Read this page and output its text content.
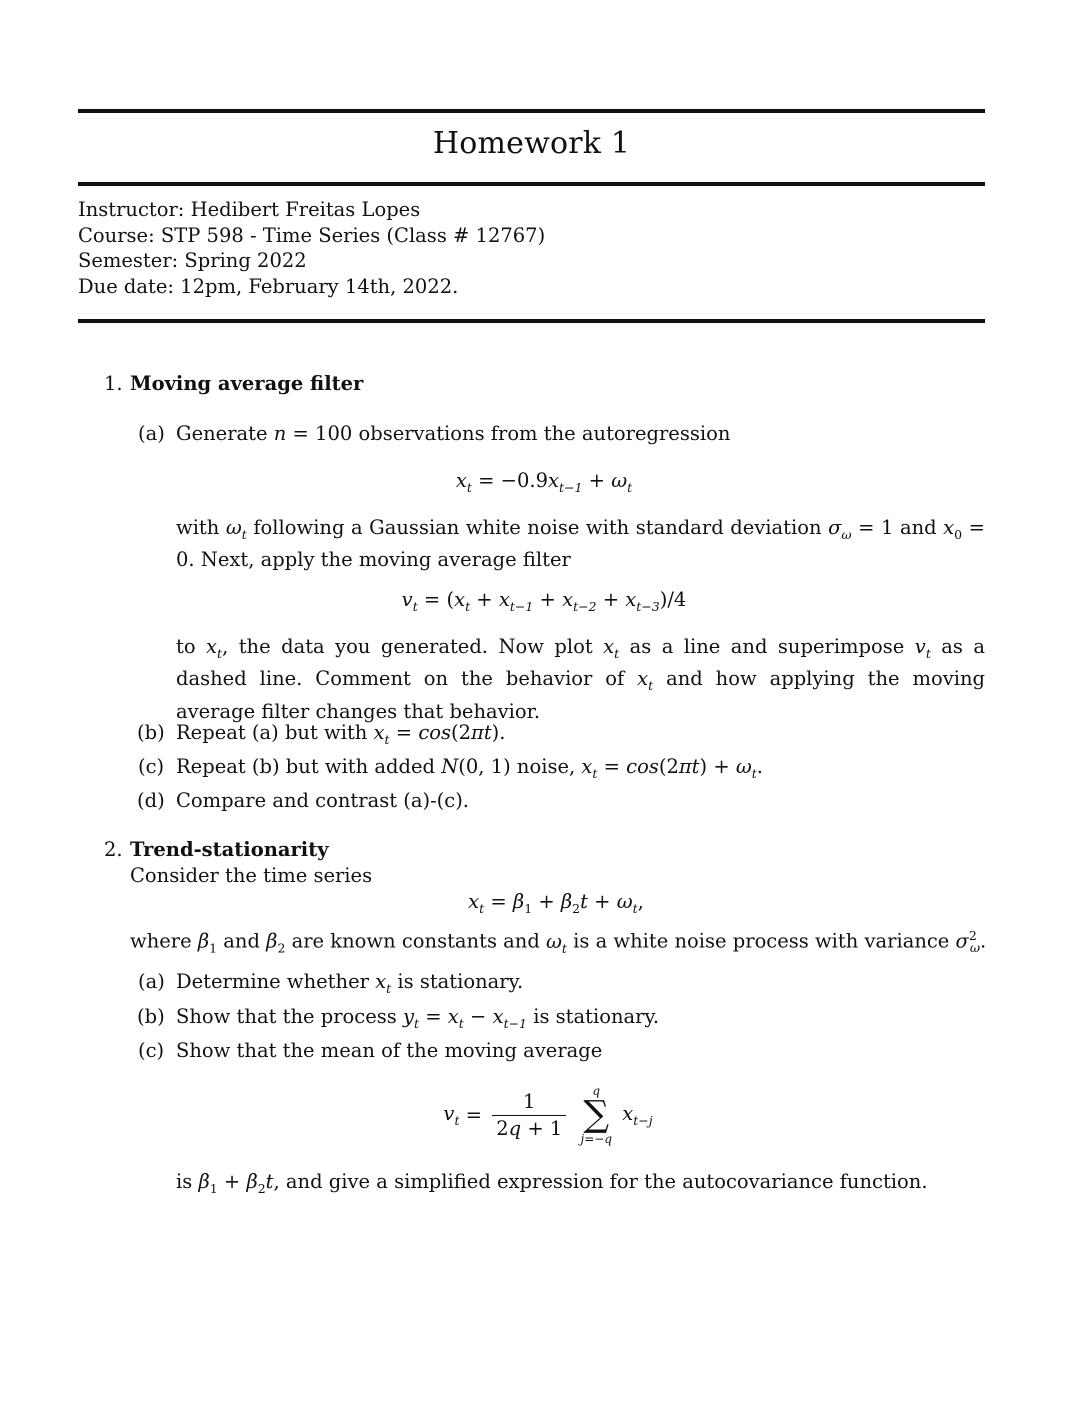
Homework 1
Instructor: Hedibert Freitas Lopes
Course: STP 598 - Time Series (Class # 12767)
Semester: Spring 2022
Due date: 12pm, February 14th, 2022.
1. Moving average filter
(a) Generate n = 100 observations from the autoregression
$x_t = -0.9x_{t-1} + \omega_t$
with $\omega_t$ following a Gaussian white noise with standard deviation $\sigma_\omega = 1$ and $x_0 = 0$. Next, apply the moving average filter
$v_t = (x_t + x_{t-1} + x_{t-2} + x_{t-3})/4$
to $x_t$, the data you generated. Now plot $x_t$ as a line and superimpose $v_t$ as a dashed line. Comment on the behavior of $x_t$ and how applying the moving average filter changes that behavior.
(b) Repeat (a) but with $x_t = \cos(2\pi t)$.
(c) Repeat (b) but with added N(0, 1) noise, $x_t = \cos(2\pi t) + \omega_t$.
(d) Compare and contrast (a)-(c).
2. Trend-stationarity
Consider the time series
$x_t = \beta_1 + \beta_2t + \omega_t$,
where $\beta_1$ and $\beta_2$ are known constants and $\omega_t$ is a white noise process with variance $\sigma^2_\omega$.
(a) Determine whether $x_t$ is stationary.
(b) Show that the process $y_t = x_t - x_{t-1}$ is stationary.
(c) Show that the mean of the moving average
$v_t = \frac{1}{2q + 1}$
	q
∑
j=−q
$x_{t-j}$
is $\beta_1 + \beta_2t$, and give a simplified expression for the autocovariance function.
